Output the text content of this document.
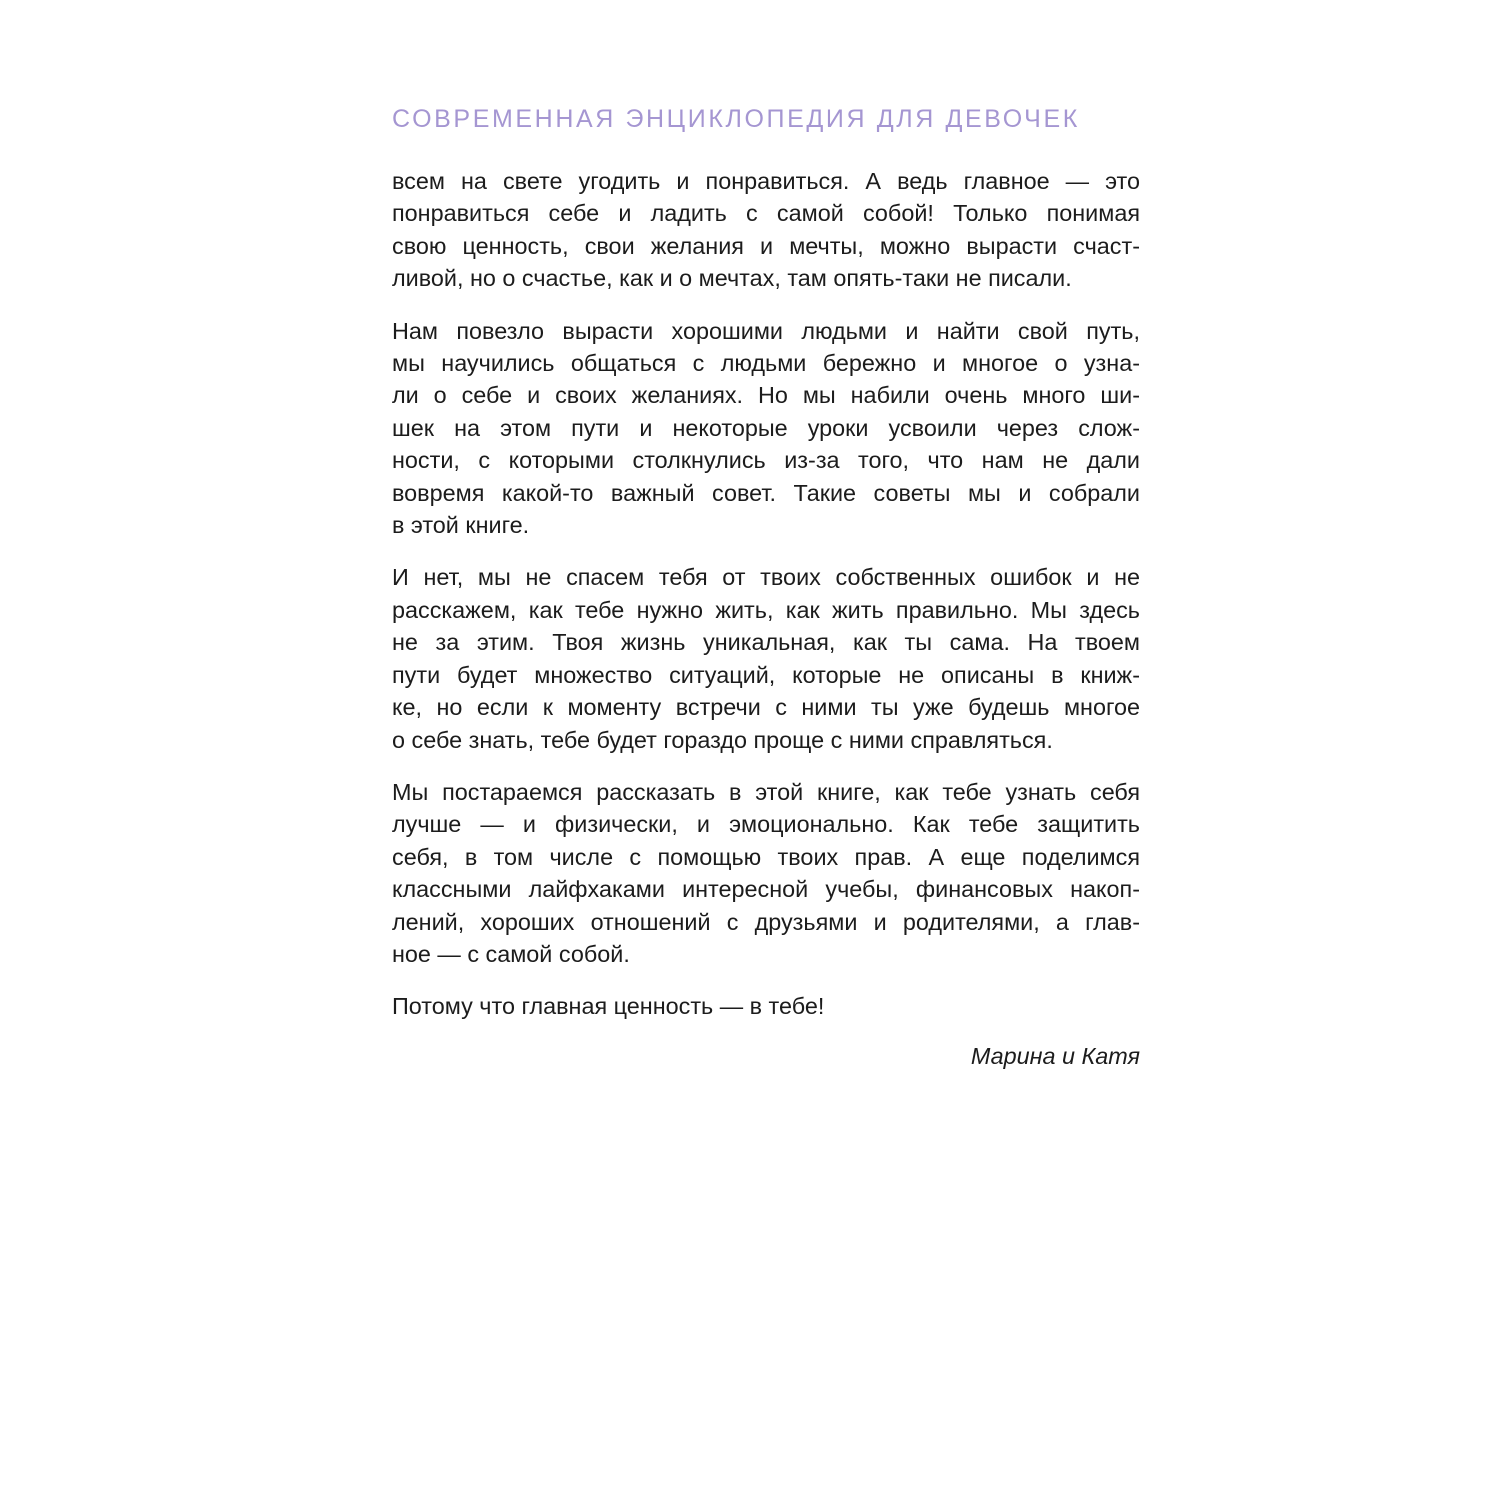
СОВРЕМЕННАЯ ЭНЦИКЛОПЕДИЯ ДЛЯ ДЕВОЧЕК
всем на свете угодить и понравиться. А ведь главное — это
понравиться себе и ладить с самой собой! Только понимая
свою ценность, свои желания и мечты, можно вырасти счаст-
ливой, но о счастье, как и о мечтах, там опять-таки не писали.
Нам повезло вырасти хорошими людьми и найти свой путь,
мы научились общаться с людьми бережно и многое о узна-
ли о себе и своих желаниях. Но мы набили очень много ши-
шек на этом пути и некоторые уроки усвоили через слож-
ности, с которыми столкнулись из-за того, что нам не дали
вовремя какой-то важный совет. Такие советы мы и собрали
в этой книге.
И нет, мы не спасем тебя от твоих собственных ошибок и не
расскажем, как тебе нужно жить, как жить правильно. Мы здесь
не за этим. Твоя жизнь уникальная, как ты сама. На твоем
пути будет множество ситуаций, которые не описаны в книж-
ке, но если к моменту встречи с ними ты уже будешь многое
о себе знать, тебе будет гораздо проще с ними справляться.
Мы постараемся рассказать в этой книге, как тебе узнать себя
лучше — и физически, и эмоционально. Как тебе защитить
себя, в том числе с помощью твоих прав. А еще поделимся
классными лайфхаками интересной учебы, финансовых накоп-
лений, хороших отношений с друзьями и родителями, а глав-
ное — с самой собой.
Потому что главная ценность — в тебе!
Марина и Катя
